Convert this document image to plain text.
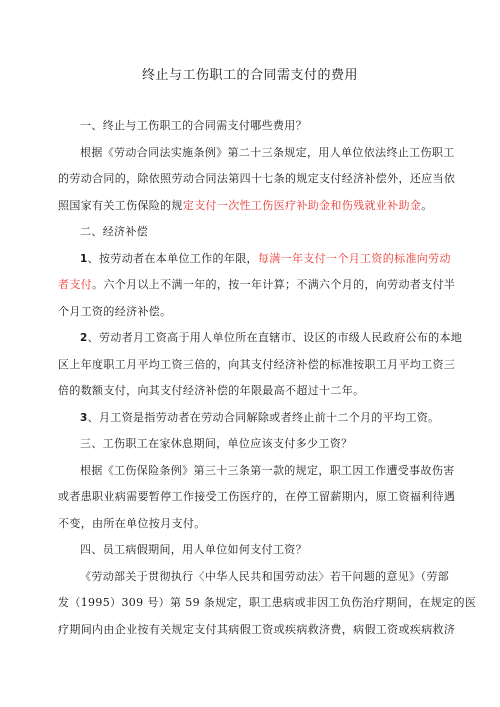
终止与工伤职工的合同需支付的费用
一、终止与工伤职工的合同需支付哪些费用？
根据《劳动合同法实施条例》第二十三条规定，用人单位依法终止工伤职工
的劳动合同的，除依照劳动合同法第四十七条的规定支付经济补偿外，还应当依
照国家有关工伤保险的规定支付一次性工伤医疗补助金和伤残就业补助金。
二、经济补偿
1、按劳动者在本单位工作的年限，每满一年支付一个月工资的标准向劳动
者支付。六个月以上不满一年的，按一年计算；不满六个月的，向劳动者支付半
个月工资的经济补偿。
2、劳动者月工资高于用人单位所在直辖市、设区的市级人民政府公布的本地
区上年度职工月平均工资三倍的，向其支付经济补偿的标准按职工月平均工资三
倍的数额支付，向其支付经济补偿的年限最高不超过十二年。
3、月工资是指劳动者在劳动合同解除或者终止前十二个月的平均工资。
三、工伤职工在家休息期间，单位应该支付多少工资？
根据《工伤保险条例》第三十三条第一款的规定，职工因工作遭受事故伤害
或者患职业病需要暂停工作接受工伤医疗的，在停工留薪期内，原工资福利待遇
不变，由所在单位按月支付。
四、员工病假期间，用人单位如何支付工资？
《劳动部关于贯彻执行〈中华人民共和国劳动法〉若干问题的意见》（劳部
发（1995）309 号）第 59 条规定，职工患病或非因工负伤治疗期间，在规定的医
疗期间内由企业按有关规定支付其病假工资或疾病救济费，病假工资或疾病救济
